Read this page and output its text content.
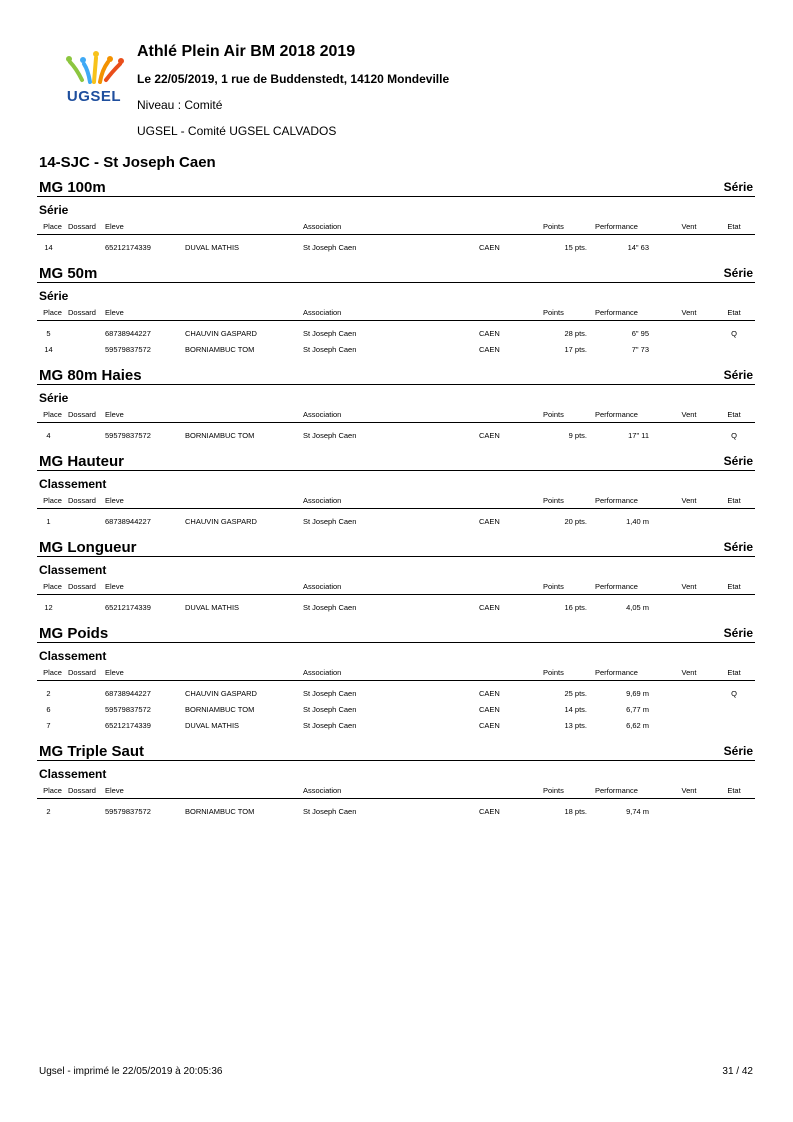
UGSEL
Athlé Plein Air BM 2018 2019
Le 22/05/2019, 1 rue de Buddenstedt, 14120 Mondeville
Niveau : Comité
UGSEL - Comité UGSEL CALVADOS
14-SJC - St Joseph Caen
MG 100m	Série
Série
Place	Dossard	Eleve		Association		Points	Performance	Vent	Etat
14		65212174339	DUVAL MATHIS	St Joseph Caen	CAEN	15 pts.	14" 63		
MG 50m	Série
Série
Place	Dossard	Eleve		Association		Points	Performance	Vent	Etat
5		68738944227	CHAUVIN GASPARD	St Joseph Caen	CAEN	28 pts.	6" 95		Q
14		59579837572	BORNIAMBUC TOM	St Joseph Caen	CAEN	17 pts.	7" 73		
MG 80m Haies	Série
Série
Place	Dossard	Eleve		Association		Points	Performance	Vent	Etat
4		59579837572	BORNIAMBUC TOM	St Joseph Caen	CAEN	9 pts.	17" 11		Q
MG Hauteur	Série
Classement
Place	Dossard	Eleve		Association		Points	Performance	Vent	Etat
1		68738944227	CHAUVIN GASPARD	St Joseph Caen	CAEN	20 pts.	1,40 m		
MG Longueur	Série
Classement
Place	Dossard	Eleve		Association		Points	Performance	Vent	Etat
12		65212174339	DUVAL MATHIS	St Joseph Caen	CAEN	16 pts.	4,05 m		
MG Poids	Série
Classement
Place	Dossard	Eleve		Association		Points	Performance	Vent	Etat
2		68738944227	CHAUVIN GASPARD	St Joseph Caen	CAEN	25 pts.	9,69 m		Q
6		59579837572	BORNIAMBUC TOM	St Joseph Caen	CAEN	14 pts.	6,77 m		
7		65212174339	DUVAL MATHIS	St Joseph Caen	CAEN	13 pts.	6,62 m		
MG Triple Saut	Série
Classement
Place	Dossard	Eleve		Association		Points	Performance	Vent	Etat
2		59579837572	BORNIAMBUC TOM	St Joseph Caen	CAEN	18 pts.	9,74 m		
Ugsel - imprimé le 22/05/2019 à 20:05:36	31 / 42
